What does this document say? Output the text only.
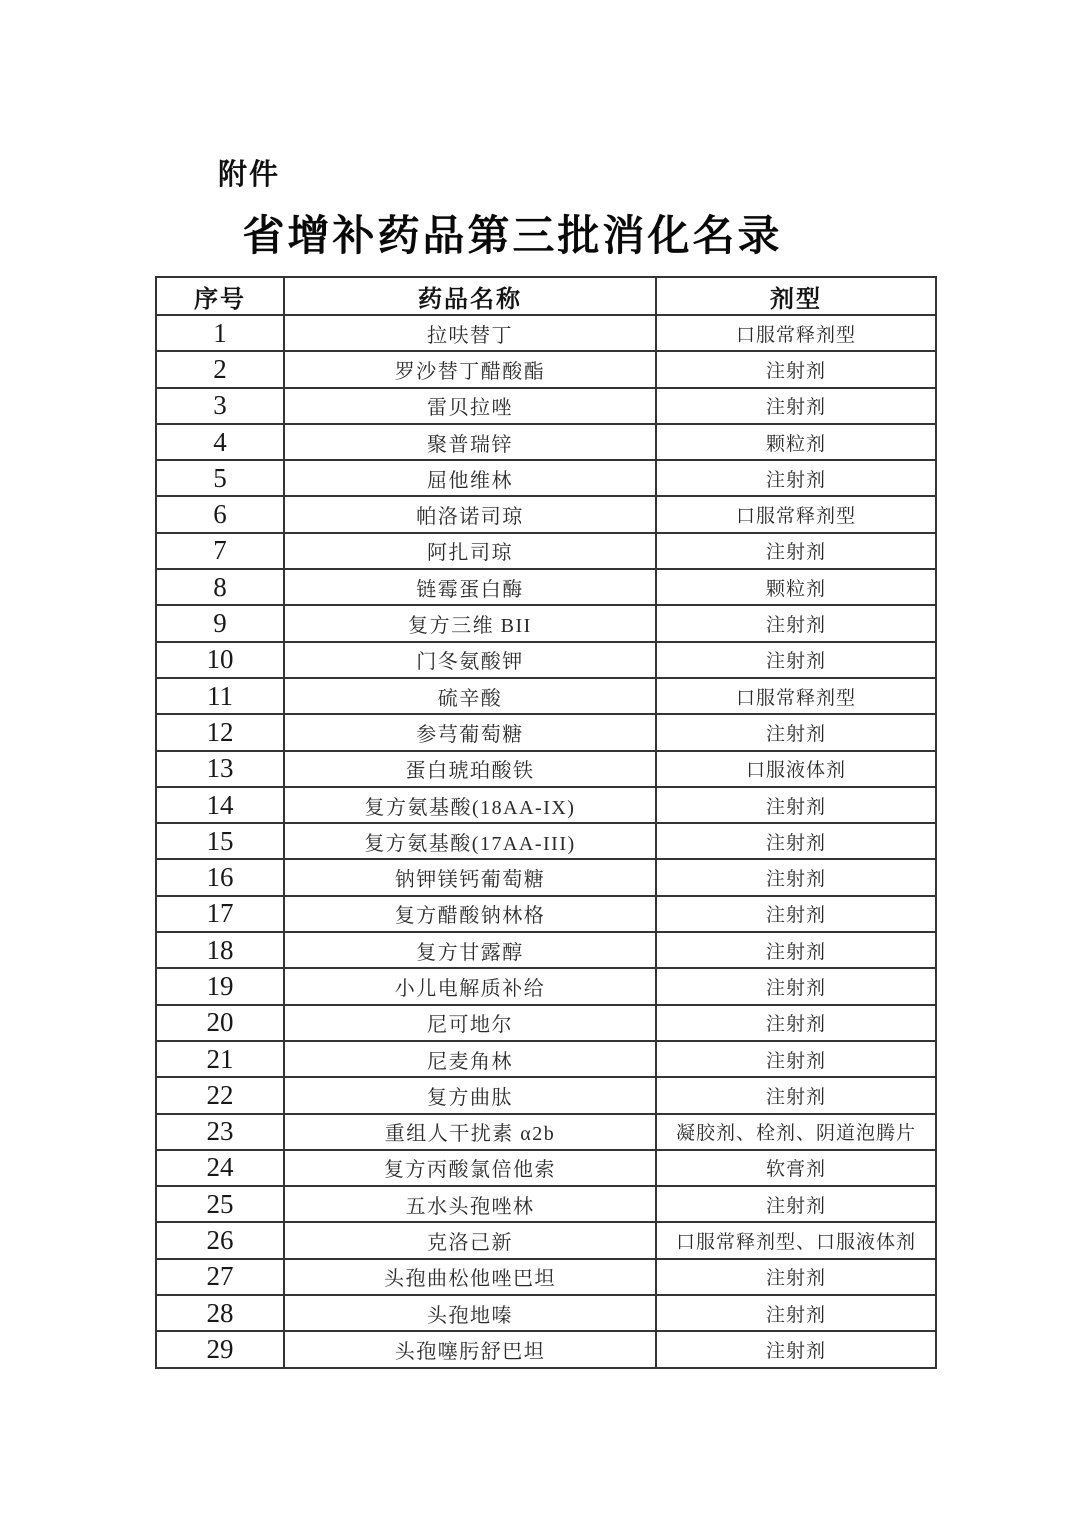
附件
省增补药品第三批消化名录
序号	药品名称	剂型
1	拉呋替丁	口服常释剂型
2	罗沙替丁醋酸酯	注射剂
3	雷贝拉唑	注射剂
4	聚普瑞锌	颗粒剂
5	屈他维林	注射剂
6	帕洛诺司琼	口服常释剂型
7	阿扎司琼	注射剂
8	链霉蛋白酶	颗粒剂
9	复方三维 BII	注射剂
10	门冬氨酸钾	注射剂
11	硫辛酸	口服常释剂型
12	参芎葡萄糖	注射剂
13	蛋白琥珀酸铁	口服液体剂
14	复方氨基酸(18AA-IX)	注射剂
15	复方氨基酸(17AA-III)	注射剂
16	钠钾镁钙葡萄糖	注射剂
17	复方醋酸钠林格	注射剂
18	复方甘露醇	注射剂
19	小儿电解质补给	注射剂
20	尼可地尔	注射剂
21	尼麦角林	注射剂
22	复方曲肽	注射剂
23	重组人干扰素 α2b	凝胶剂、栓剂、阴道泡腾片
24	复方丙酸氯倍他索	软膏剂
25	五水头孢唑林	注射剂
26	克洛己新	口服常释剂型、口服液体剂
27	头孢曲松他唑巴坦	注射剂
28	头孢地嗪	注射剂
29	头孢噻肟舒巴坦	注射剂
